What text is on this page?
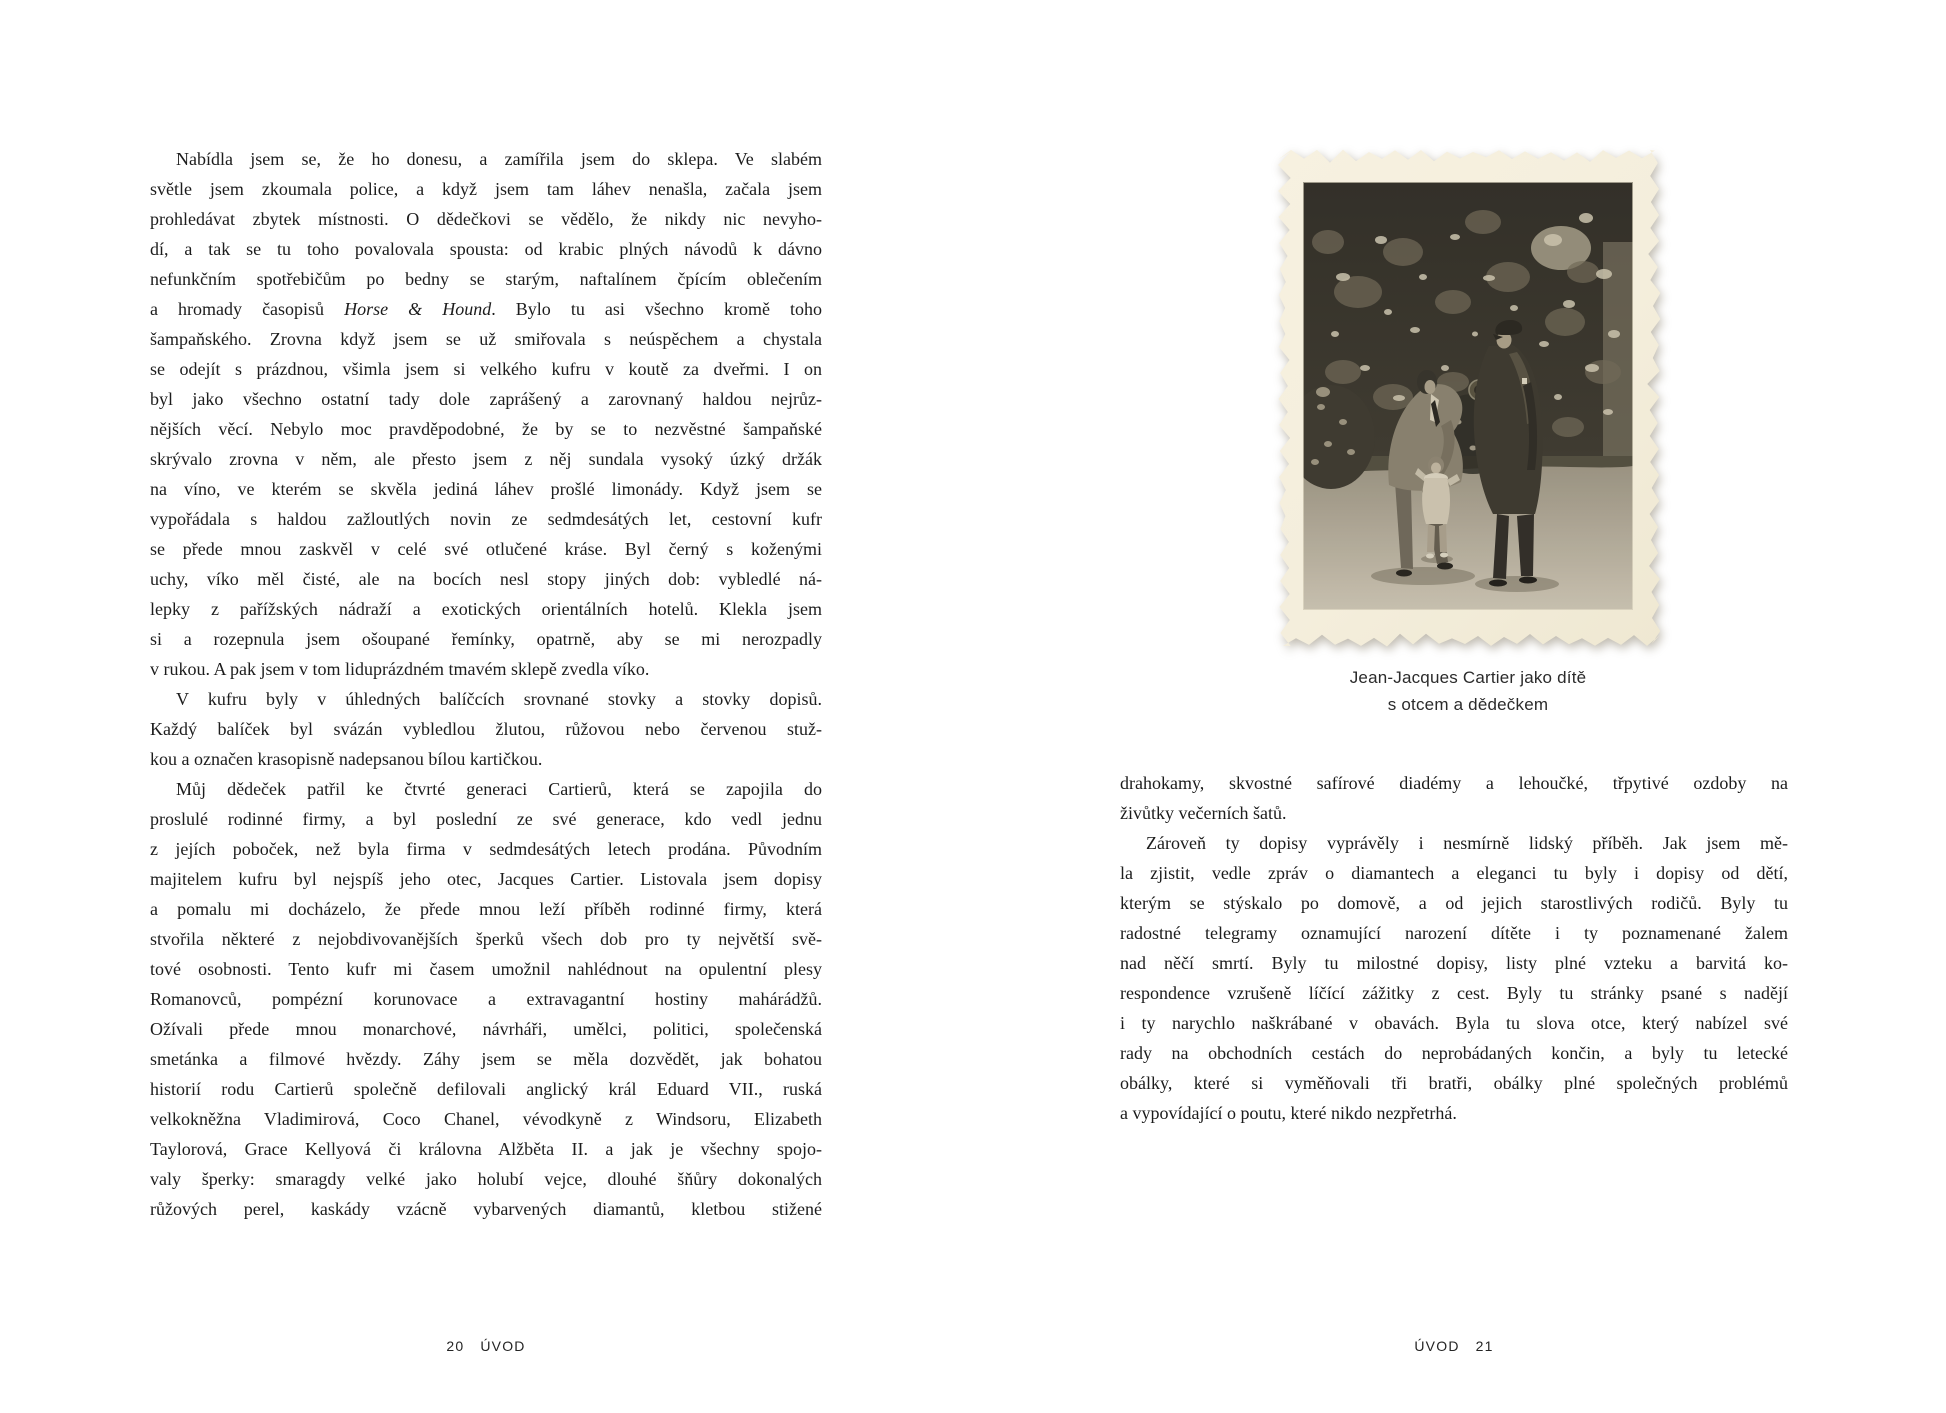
Nabídla jsem se, že ho donesu, a zamířila jsem do sklepa. Ve slabém
světle jsem zkoumala police, a když jsem tam láhev nenašla, začala jsem
prohledávat zbytek místnosti. O dědečkovi se vědělo, že nikdy nic nevyho-
dí, a tak se tu toho povalovala spousta: od krabic plných návodů k dávno
nefunkčním spotřebičům po bedny se starým, naftalínem čpícím oblečením
a hromady časopisů Horse & Hound. Bylo tu asi všechno kromě toho
šampaňského. Zrovna když jsem se už smiřovala s neúspěchem a chystala
se odejít s prázdnou, všimla jsem si velkého kufru v koutě za dveřmi. I on
byl jako všechno ostatní tady dole zaprášený a zarovnaný haldou nejrůz-
nějších věcí. Nebylo moc pravděpodobné, že by se to nezvěstné šampaňské
skrývalo zrovna v něm, ale přesto jsem z něj sundala vysoký úzký držák
na víno, ve kterém se skvěla jediná láhev prošlé limonády. Když jsem se
vypořádala s haldou zažloutlých novin ze sedmdesátých let, cestovní kufr
se přede mnou zaskvěl v celé své otlučené kráse. Byl černý s koženými
uchy, víko měl čisté, ale na bocích nesl stopy jiných dob: vybledlé ná-
lepky z pařížských nádraží a exotických orientálních hotelů. Klekla jsem
si a rozepnula jsem ošoupané řemínky, opatrně, aby se mi nerozpadly
v rukou. A pak jsem v tom liduprázdném tmavém sklepě zvedla víko.
V kufru byly v úhledných balíčcích srovnané stovky a stovky dopisů.
Každý balíček byl svázán vybledlou žlutou, růžovou nebo červenou stuž-
kou a označen krasopisně nadepsanou bílou kartičkou.
Můj dědeček patřil ke čtvrté generaci Cartierů, která se zapojila do
proslulé rodinné firmy, a byl poslední ze své generace, kdo vedl jednu
z jejích poboček, než byla firma v sedmdesátých letech prodána. Původním
majitelem kufru byl nejspíš jeho otec, Jacques Cartier. Listovala jsem dopisy
a pomalu mi docházelo, že přede mnou leží příběh rodinné firmy, která
stvořila některé z nejobdivovanějších šperků všech dob pro ty největší svě-
tové osobnosti. Tento kufr mi časem umožnil nahlédnout na opulentní plesy
Romanovců, pompézní korunovace a extravagantní hostiny mahárádžů.
Ožívali přede mnou monarchové, návrháři, umělci, politici, společenská
smetánka a filmové hvězdy. Záhy jsem se měla dozvědět, jak bohatou
historií rodu Cartierů společně defilovali anglický král Eduard VII., ruská
velkokněžna Vladimirová, Coco Chanel, vévodkyně z Windsoru, Elizabeth
Taylorová, Grace Kellyová či královna Alžběta II. a jak je všechny spojo-
valy šperky: smaragdy velké jako holubí vejce, dlouhé šňůry dokonalých
růžových perel, kaskády vzácně vybarvených diamantů, kletbou stižené
20 ÚVOD
Jean-Jacques Cartier jako dítě
s otcem a dědečkem
drahokamy, skvostné safírové diadémy a lehoučké, třpytivé ozdoby na
živůtky večerních šatů.
Zároveň ty dopisy vyprávěly i nesmírně lidský příběh. Jak jsem mě-
la zjistit, vedle zpráv o diamantech a eleganci tu byly i dopisy od dětí,
kterým se stýskalo po domově, a od jejich starostlivých rodičů. Byly tu
radostné telegramy oznamující narození dítěte i ty poznamenané žalem
nad něčí smrtí. Byly tu milostné dopisy, listy plné vzteku a barvitá ko-
respondence vzrušeně líčící zážitky z cest. Byly tu stránky psané s nadějí
i ty narychlo naškrábané v obavách. Byla tu slova otce, který nabízel své
rady na obchodních cestách do neprobádaných končin, a byly tu letecké
obálky, které si vyměňovali tři bratři, obálky plné společných problémů
a vypovídající o poutu, které nikdo nezpřetrhá.
ÚVOD 21
